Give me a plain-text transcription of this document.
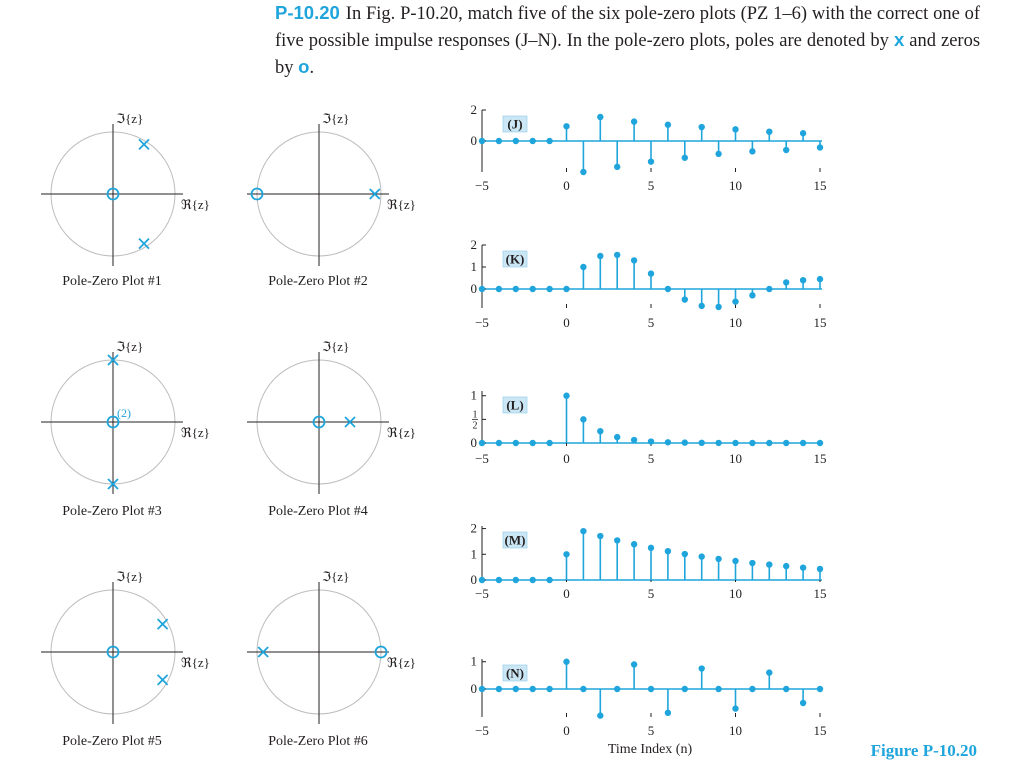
P-10.20 In Fig. P-10.20, match five of the six pole-zero plots (PZ 1–6) with the correct one of five possible impulse responses (J–N). In the pole-zero plots, poles are denoted by x and zeros by o.
ℑ{z}
ℜ{z}
Pole-Zero Plot #1
ℑ{z}
ℜ{z}
Pole-Zero Plot #2
ℑ{z}
ℜ{z}
(2)
Pole-Zero Plot #3
ℑ{z}
ℜ{z}
Pole-Zero Plot #4
ℑ{z}
ℜ{z}
Pole-Zero Plot #5
ℑ{z}
ℜ{z}
Pole-Zero Plot #6
−5	0	5	10	15
2
0
(J)
−5	0	5	10	15
2
1
0
(K)
−5	0	5	10	15
1
1
2
0
(L)
−5	0	5	10	15
2
1
0
(M)
−5	0	5	10	15
1
0
(N)
Time Index (n)	Figure P-10.20
